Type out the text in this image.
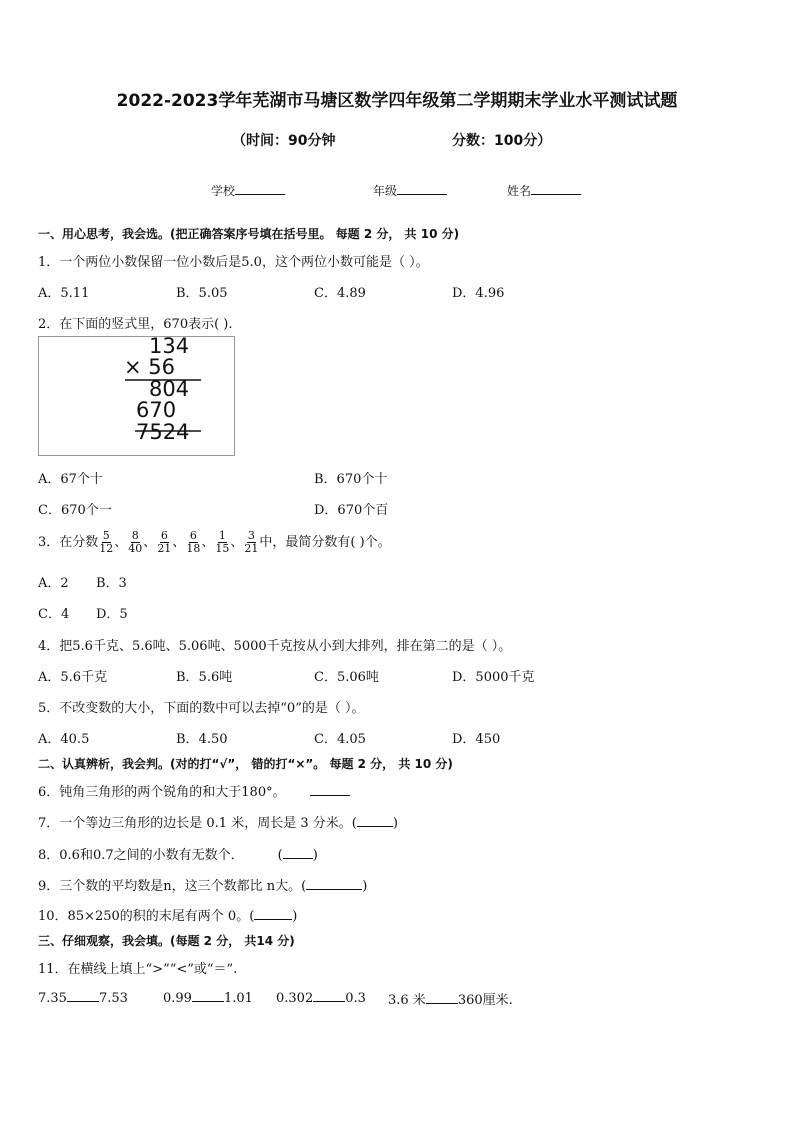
2022-2023学年芜湖市马塘区数学四年级第二学期期末学业水平测试试题
（时间：90分钟	分数：100分）
学校	年级	姓名
一、用心思考，我会选。(把正确答案序号填在括号里。 每题 2 分， 共 10 分)
1．一个两位小数保留一位小数后是5.0，这个两位小数可能是（ ）。
A．5.11	B．5.05	C．4.89	D．4.96
2．在下面的竖式里，670表示( ).
134
× 56
804
670
7524
A．67个十	B．670个十
C．670个一	D．670个百
3．在分数 $\frac{5}{12}$ 、 $\frac{8}{40}$ 、 $\frac{6}{21}$ 、 $\frac{6}{18}$ 、 $\frac{1}{15}$ 、 $\frac{3}{21}$ 中，最简分数有( )个。
A．2 B．3
C．4 D．5
4．把5.6千克、5.6吨、5.06吨、5000千克按从小到大排列，排在第二的是（ ）。
A．5.6千克	B．5.6吨	C．5.06吨	D．5000千克
5．不改变数的大小，下面的数中可以去掉“0”的是（ ）。
A．40.5	B．4.50	C．4.05	D．450
二、认真辨析，我会判。(对的打“√”， 错的打“×”。 每题 2 分， 共 10 分)
6．钝角三角形的两个锐角的和大于180°。
7．一个等边三角形的边长是 0.1 米，周长是 3 分米。(	)
8．0.6和0.7之间的小数有无数个．	( )
9．三个数的平均数是n，这三个数都比 n大。(	)
10．85×250的积的末尾有两个 0。(	)
三、仔细观察，我会填。(每题 2 分， 共14 分)
11．在横线上填上“>”“<”或“＝”.
7.35 7.53	0.99 1.01 0.302 0.3 3.6 米 360厘米.
